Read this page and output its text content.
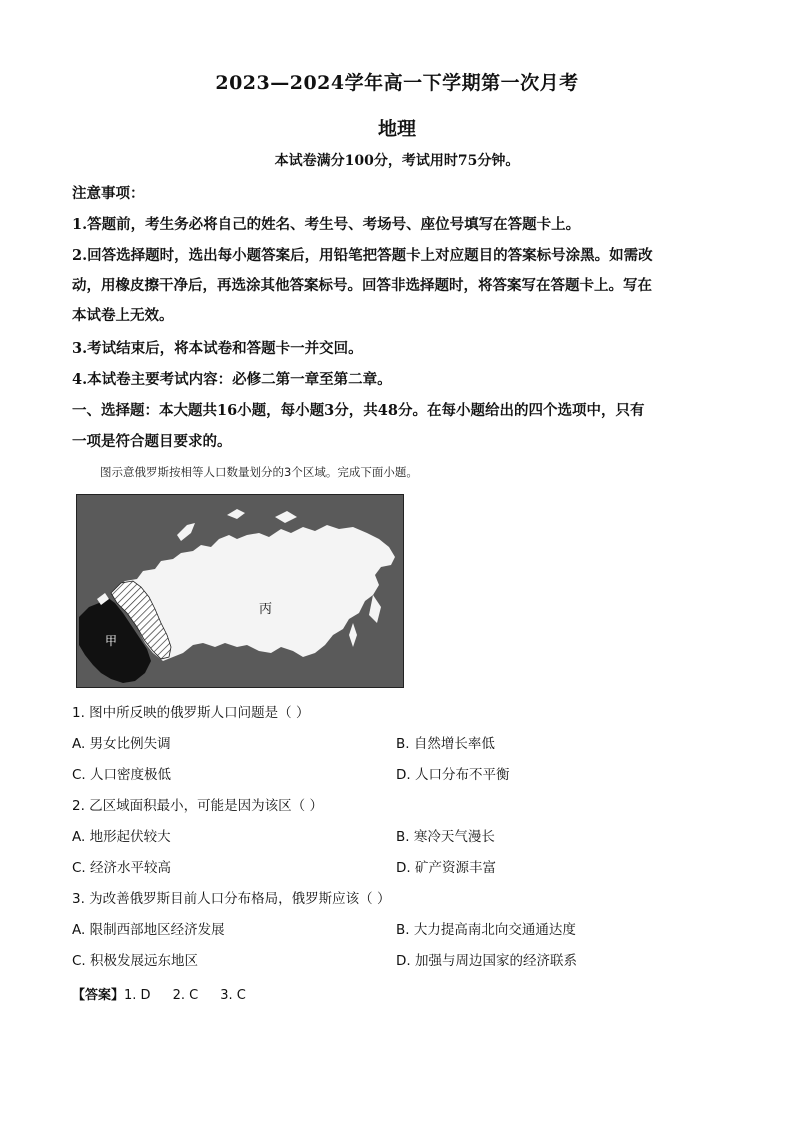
2023—2024学年高一下学期第一次月考
地理
本试卷满分100分，考试用时75分钟。
注意事项：
1.答题前，考生务必将自己的姓名、考生号、考场号、座位号填写在答题卡上。
2.回答选择题时，选出每小题答案后，用铅笔把答题卡上对应题目的答案标号涂黑。如需改
动，用橡皮擦干净后，再选涂其他答案标号。回答非选择题时，将答案写在答题卡上。写在
本试卷上无效。
3.考试结束后，将本试卷和答题卡一并交回。
4.本试卷主要考试内容：必修二第一章至第二章。
一、选择题：本大题共16小题，每小题3分，共48分。在每小题给出的四个选项中，只有
一项是符合题目要求的。
图示意俄罗斯按相等人口数量划分的3个区域。完成下面小题。
丙
甲
1. 图中所反映的俄罗斯人口问题是（ ）
A. 男女比例失调	B. 自然增长率低
C. 人口密度极低	D. 人口分布不平衡
2. 乙区域面积最小，可能是因为该区（ ）
A. 地形起伏较大	B. 寒冷天气漫长
C. 经济水平较高	D. 矿产资源丰富
3. 为改善俄罗斯目前人口分布格局，俄罗斯应该（ ）
A. 限制西部地区经济发展	B. 大力提高南北向交通通达度
C. 积极发展远东地区	D. 加强与周边国家的经济联系
【答案】1. D 2. C 3. C
